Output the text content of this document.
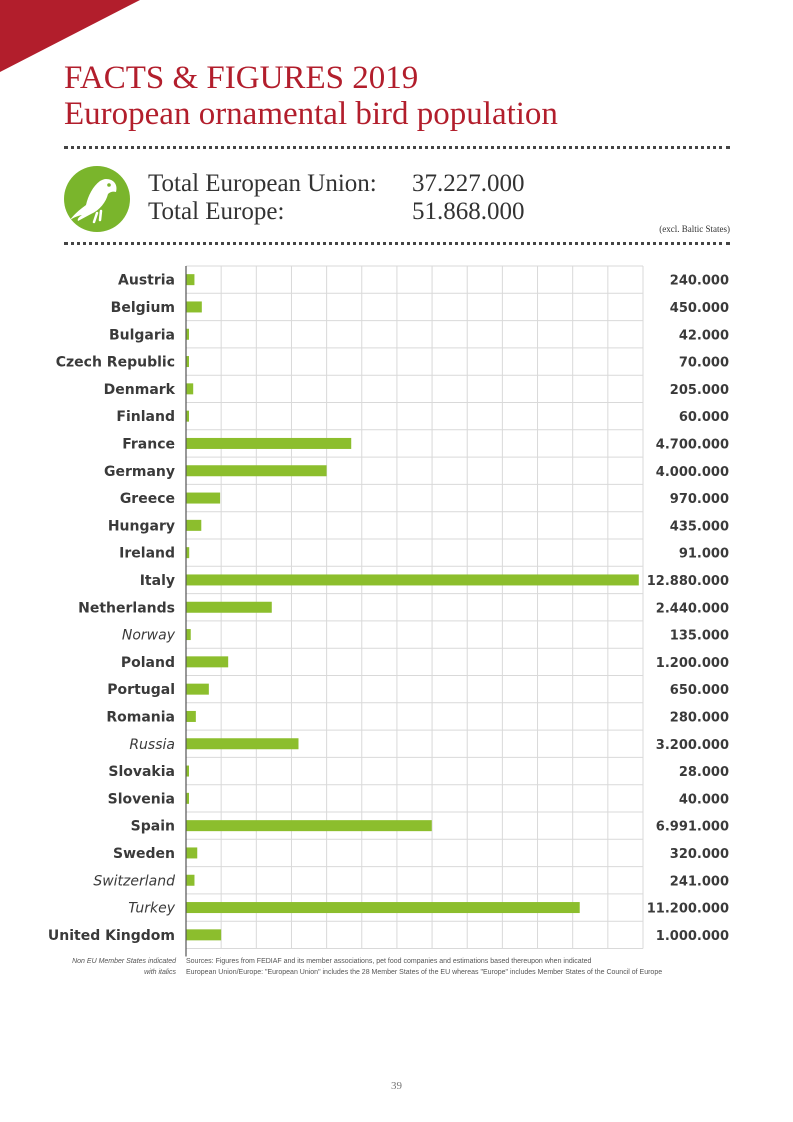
FACTS & FIGURES 2019
European ornamental bird population
Total European Union: 37.227.000
Total Europe:	51.868.000
(excl. Baltic States)
Austria	240.000
Belgium	450.000
Bulgaria	42.000
Czech Republic	70.000
Denmark	205.000
Finland	60.000
France	4.700.000
Germany	4.000.000
Greece	970.000
Hungary	435.000
Ireland	91.000
Italy	12.880.000
Netherlands	2.440.000
Norway	135.000
Poland	1.200.000
Portugal	650.000
Romania	280.000
Russia	3.200.000
Slovakia	28.000
Slovenia	40.000
Spain	6.991.000
Sweden	320.000
Switzerland	241.000
Turkey	11.200.000
United Kingdom	1.000.000
Non EU Member States indicated
with italics
Sources: Figures from FEDIAF and its member associations, pet food companies and estimations based thereupon when indicated
European Union/Europe: "European Union" includes the 28 Member States of the EU whereas "Europe" includes Member States of the Council of Europe
39
